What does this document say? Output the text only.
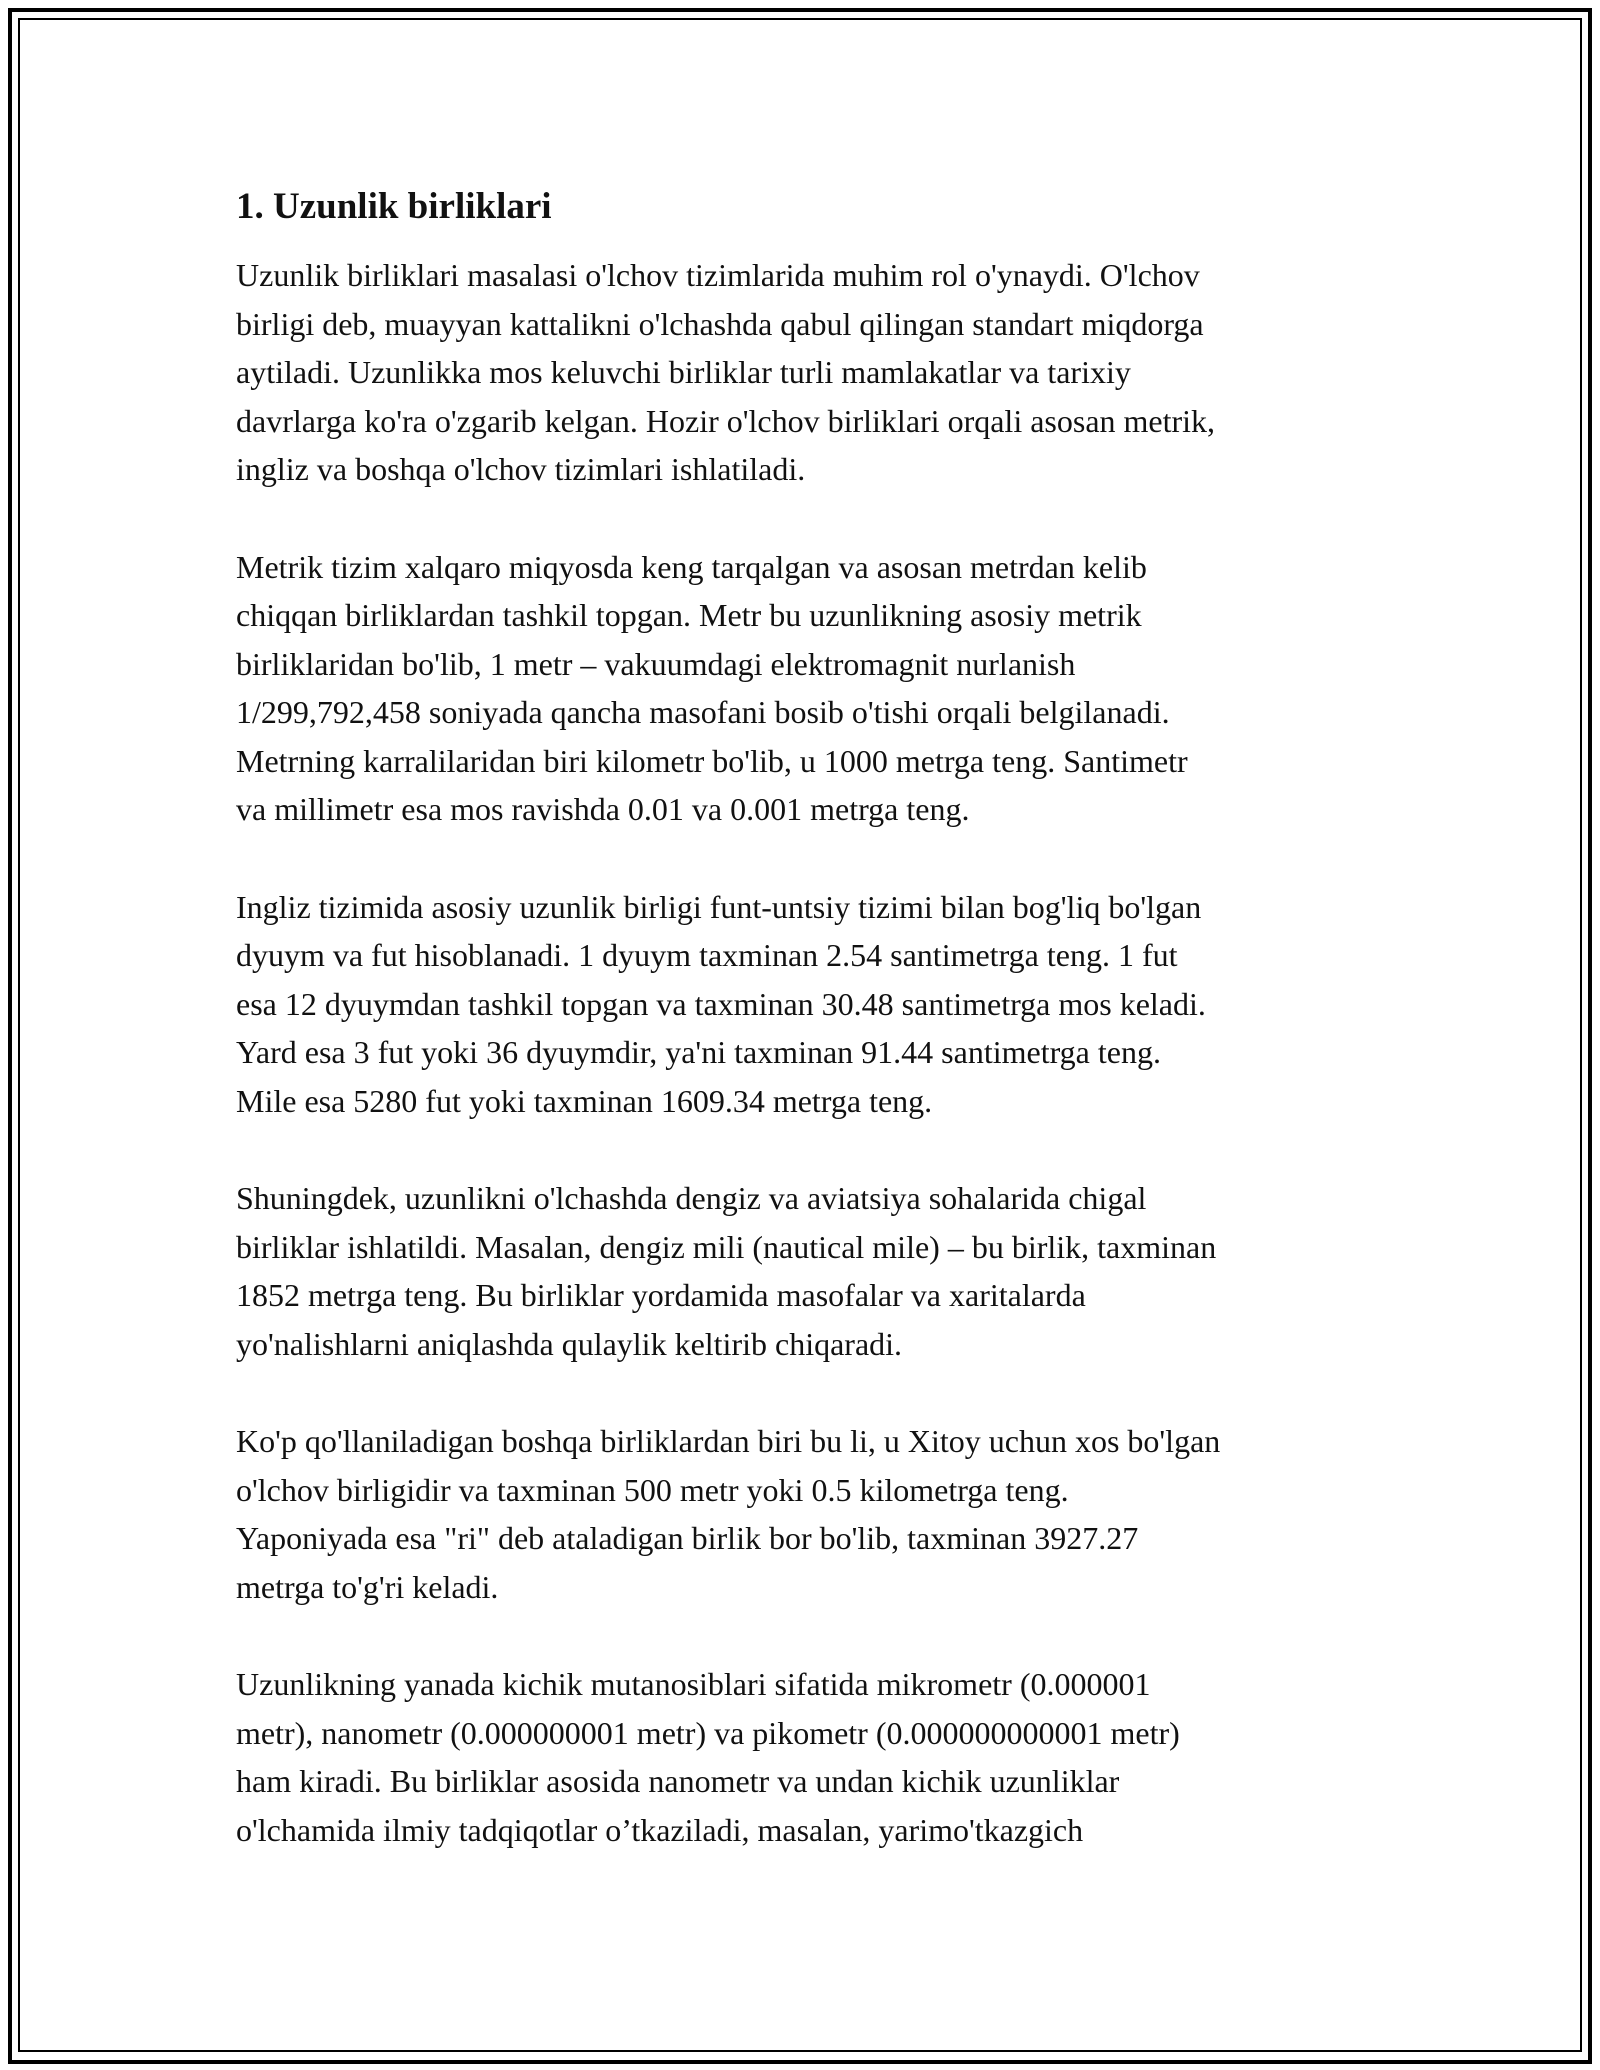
1. Uzunlik birliklari
Uzunlik birliklari masalasi o'lchov tizimlarida muhim rol o'ynaydi. O'lchov
birligi deb, muayyan kattalikni o'lchashda qabul qilingan standart miqdorga
aytiladi. Uzunlikka mos keluvchi birliklar turli mamlakatlar va tarixiy
davrlarga ko'ra o'zgarib kelgan. Hozir o'lchov birliklari orqali asosan metrik,
ingliz va boshqa o'lchov tizimlari ishlatiladi.
Metrik tizim xalqaro miqyosda keng tarqalgan va asosan metrdan kelib
chiqqan birliklardan tashkil topgan. Metr bu uzunlikning asosiy metrik
birliklaridan bo'lib, 1 metr – vakuumdagi elektromagnit nurlanish
1/299,792,458 soniyada qancha masofani bosib o'tishi orqali belgilanadi.
Metrning karralilaridan biri kilometr bo'lib, u 1000 metrga teng. Santimetr
va millimetr esa mos ravishda 0.01 va 0.001 metrga teng.
Ingliz tizimida asosiy uzunlik birligi funt-untsiy tizimi bilan bog'liq bo'lgan
dyuym va fut hisoblanadi. 1 dyuym taxminan 2.54 santimetrga teng. 1 fut
esa 12 dyuymdan tashkil topgan va taxminan 30.48 santimetrga mos keladi.
Yard esa 3 fut yoki 36 dyuymdir, ya'ni taxminan 91.44 santimetrga teng.
Mile esa 5280 fut yoki taxminan 1609.34 metrga teng.
Shuningdek, uzunlikni o'lchashda dengiz va aviatsiya sohalarida chigal
birliklar ishlatildi. Masalan, dengiz mili (nautical mile) – bu birlik, taxminan
1852 metrga teng. Bu birliklar yordamida masofalar va xaritalarda
yo'nalishlarni aniqlashda qulaylik keltirib chiqaradi.
Ko'p qo'llaniladigan boshqa birliklardan biri bu li, u Xitoy uchun xos bo'lgan
o'lchov birligidir va taxminan 500 metr yoki 0.5 kilometrga teng.
Yaponiyada esa "ri" deb ataladigan birlik bor bo'lib, taxminan 3927.27
metrga to'g'ri keladi.
Uzunlikning yanada kichik mutanosiblari sifatida mikrometr (0.000001
metr), nanometr (0.000000001 metr) va pikometr (0.000000000001 metr)
ham kiradi. Bu birliklar asosida nanometr va undan kichik uzunliklar
o'lchamida ilmiy tadqiqotlar o’tkaziladi, masalan, yarimo'tkazgich
